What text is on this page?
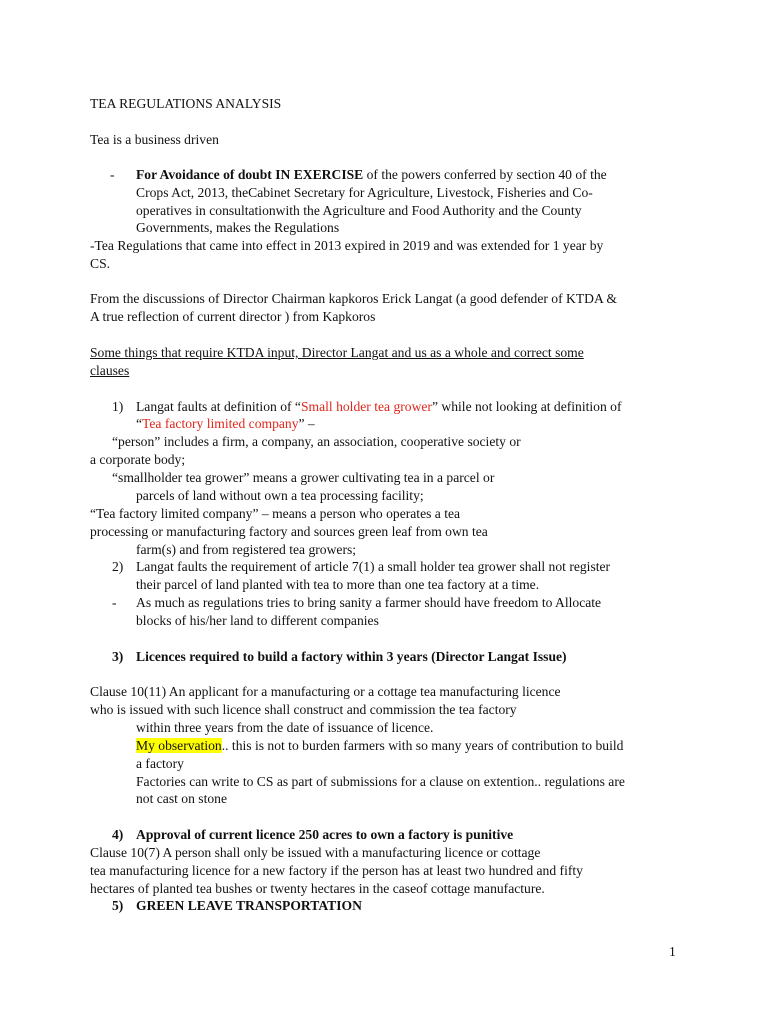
TEA REGULATIONS ANALYSIS
Tea is a business driven
- For Avoidance of doubt IN EXERCISE of the powers conferred by section 40 of the
Crops Act, 2013, theCabinet Secretary for Agriculture, Livestock, Fisheries and Co-
operatives in consultationwith the Agriculture and Food Authority and the County
Governments, makes the Regulations
-Tea Regulations that came into effect in 2013 expired in 2019 and was extended for 1 year by
CS.
From the discussions of Director Chairman kapkoros Erick Langat (a good defender of KTDA &
A true reflection of current director ) from Kapkoros
Some things that require KTDA input, Director Langat and us as a whole and correct some
clauses
1) Langat faults at definition of “Small holder tea grower” while not looking at definition of
“Tea factory limited company” –
“person” includes a firm, a company, an association, cooperative society or
a corporate body;
“smallholder tea grower” means a grower cultivating tea in a parcel or
parcels of land without own a tea processing facility;
“Tea factory limited company” – means a person who operates a tea
processing or manufacturing factory and sources green leaf from own tea
farm(s) and from registered tea growers;
2) Langat faults the requirement of article 7(1) a small holder tea grower shall not register
their parcel of land planted with tea to more than one tea factory at a time.
- As much as regulations tries to bring sanity a farmer should have freedom to Allocate
blocks of his/her land to different companies
3) Licences required to build a factory within 3 years (Director Langat Issue)
Clause 10(11) An applicant for a manufacturing or a cottage tea manufacturing licence
who is issued with such licence shall construct and commission the tea factory
within three years from the date of issuance of licence.
My observation.. this is not to burden farmers with so many years of contribution to build
a factory
Factories can write to CS as part of submissions for a clause on extention.. regulations are
not cast on stone
4) Approval of current licence 250 acres to own a factory is punitive
Clause 10(7) A person shall only be issued with a manufacturing licence or cottage
tea manufacturing licence for a new factory if the person has at least two hundred and fifty
hectares of planted tea bushes or twenty hectares in the caseof cottage manufacture.
5) GREEN LEAVE TRANSPORTATION
1
